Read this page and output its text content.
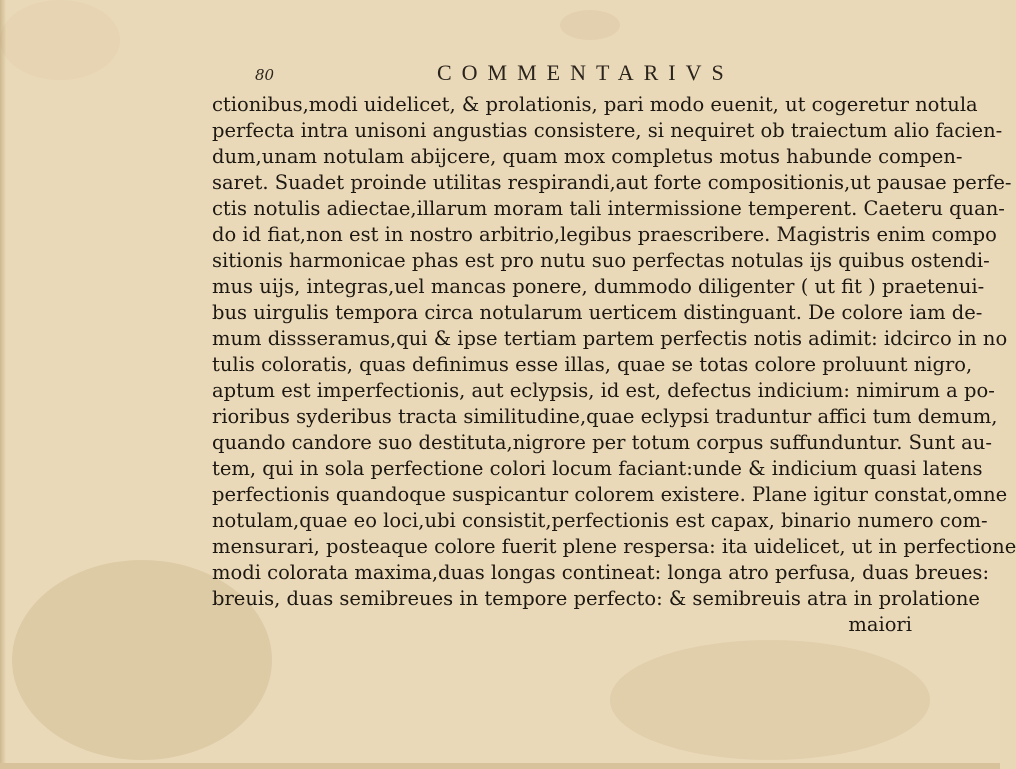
80	COMMENTARIVS
ctionibus,modi uidelicet, & prolationis, pari modo euenit, ut cogeretur notula
perfecta intra unisoni angustias consistere, si nequiret ob traiectum alio facien-
dum,unam notulam abijcere, quam mox completus motus habunde compen-
saret. Suadet proinde utilitas respirandi,aut forte compositionis,ut pausae perfe-
ctis notulis adiectae,illarum moram tali intermissione temperent. Caeteru quan-
do id fiat,non est in nostro arbitrio,legibus praescribere. Magistris enim compo
sitionis harmonicae phas est pro nutu suo perfectas notulas ijs quibus ostendi-
mus uijs, integras,uel mancas ponere, dummodo diligenter ( ut fit ) praetenui-
bus uirgulis tempora circa notularum uerticem distinguant. De colore iam de-
mum dissseramus,qui & ipse tertiam partem perfectis notis adimit: idcirco in no
tulis coloratis, quas definimus esse illas, quae se totas colore proluunt nigro,
aptum est imperfectionis, aut eclypsis, id est, defectus indicium: nimirum a po-
rioribus syderibus tracta similitudine,quae eclypsi traduntur affici tum demum,
quando candore suo destituta,nigrore per totum corpus suffunduntur. Sunt au-
tem, qui in sola perfectione colori locum faciant:unde & indicium quasi latens
perfectionis quandoque suspicantur colorem existere. Plane igitur constat,omne
notulam,quae eo loci,ubi consistit,perfectionis est capax, binario numero com-
mensurari, posteaque colore fuerit plene respersa: ita uidelicet, ut in perfectione
modi colorata maxima,duas longas contineat: longa atro perfusa, duas breues:
breuis, duas semibreues in tempore perfecto: & semibreuis atra in prolatione
maiori
